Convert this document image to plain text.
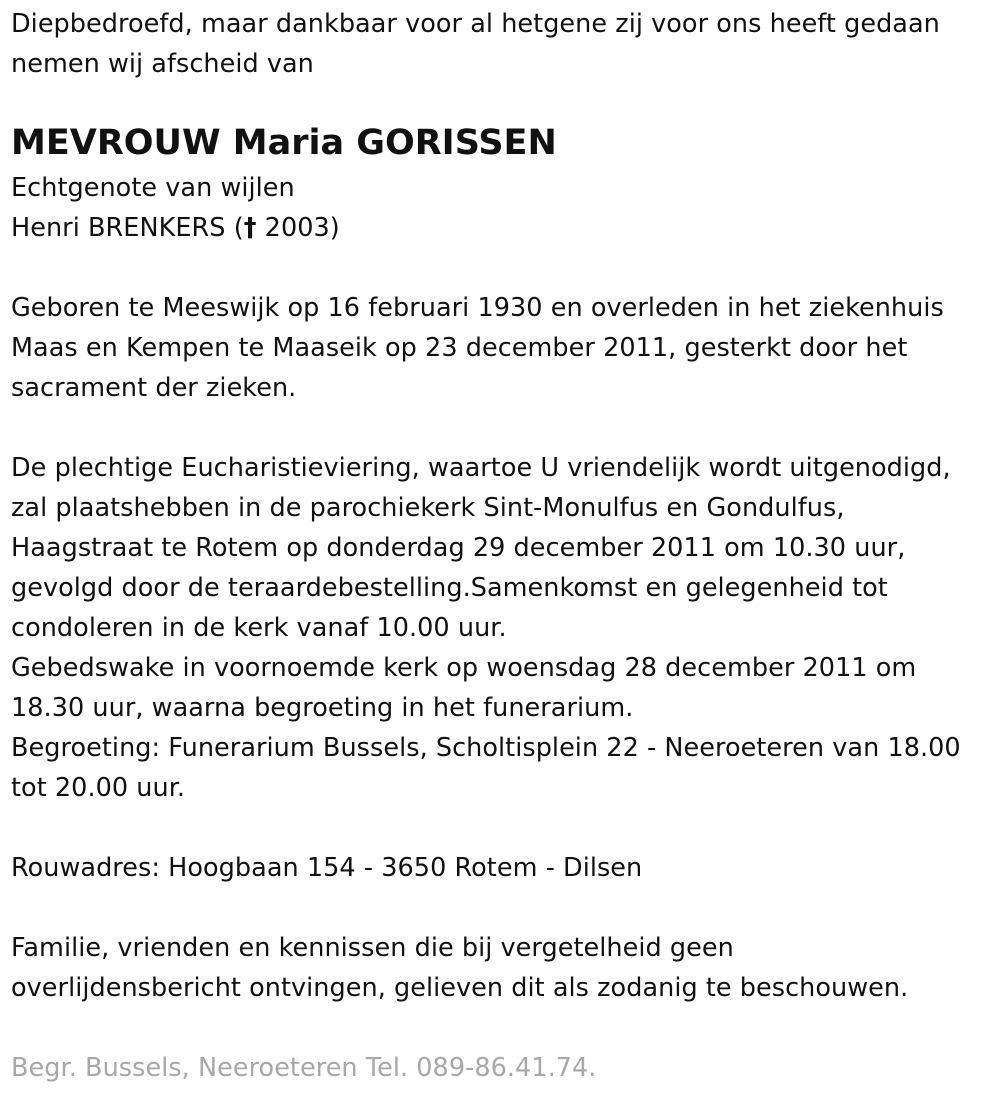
Diepbedroefd, maar dankbaar voor al hetgene zij voor ons heeft gedaan
nemen wij afscheid van
MEVROUW Maria GORISSEN
Echtgenote van wijlen
Henri BRENKERS († 2003)
Geboren te Meeswijk op 16 februari 1930 en overleden in het ziekenhuis
Maas en Kempen te Maaseik op 23 december 2011, gesterkt door het
sacrament der zieken.
De plechtige Eucharistieviering, waartoe U vriendelijk wordt uitgenodigd,
zal plaatshebben in de parochiekerk Sint-Monulfus en Gondulfus,
Haagstraat te Rotem op donderdag 29 december 2011 om 10.30 uur,
gevolgd door de teraardebestelling.Samenkomst en gelegenheid tot
condoleren in de kerk vanaf 10.00 uur.
Gebedswake in voornoemde kerk op woensdag 28 december 2011 om
18.30 uur, waarna begroeting in het funerarium.
Begroeting: Funerarium Bussels, Scholtisplein 22 - Neeroeteren van 18.00
tot 20.00 uur.
Rouwadres: Hoogbaan 154 - 3650 Rotem - Dilsen
Familie, vrienden en kennissen die bij vergetelheid geen
overlijdensbericht ontvingen, gelieven dit als zodanig te beschouwen.
Begr. Bussels, Neeroeteren Tel. 089-86.41.74.
